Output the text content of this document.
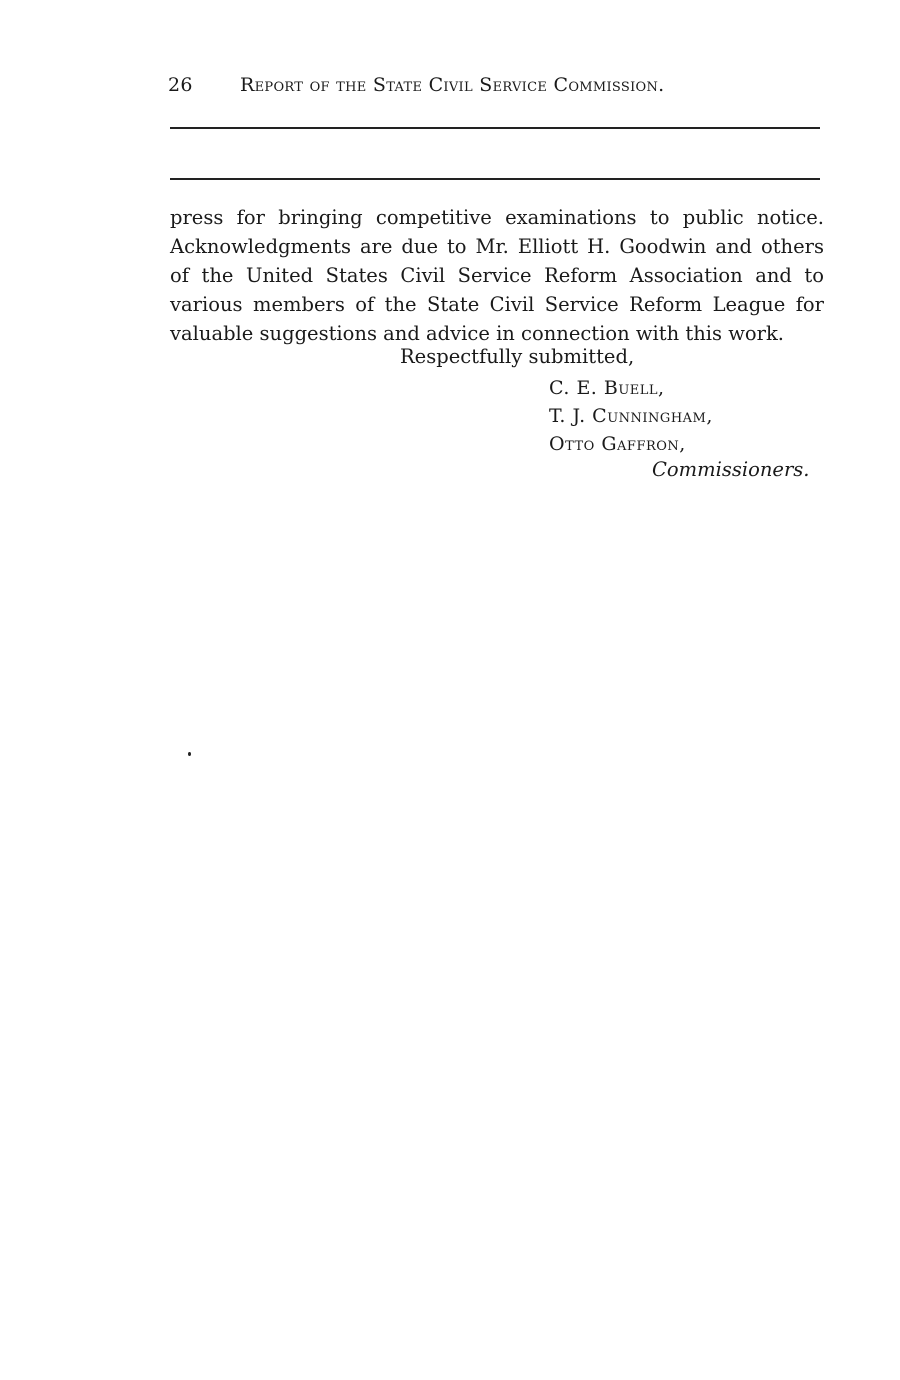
26 Report of the State Civil Service Commission.
press for bringing competitive examinations to public notice.
Acknowledgments are due to Mr. Elliott H. Goodwin and others
of the United States Civil Service Reform Association and to
various members of the State Civil Service Reform League for
valuable suggestions and advice in connection with this work.
Respectfully submitted,
C. E. Buell,
T. J. Cunningham,
Otto Gaffron,
Commissioners.
